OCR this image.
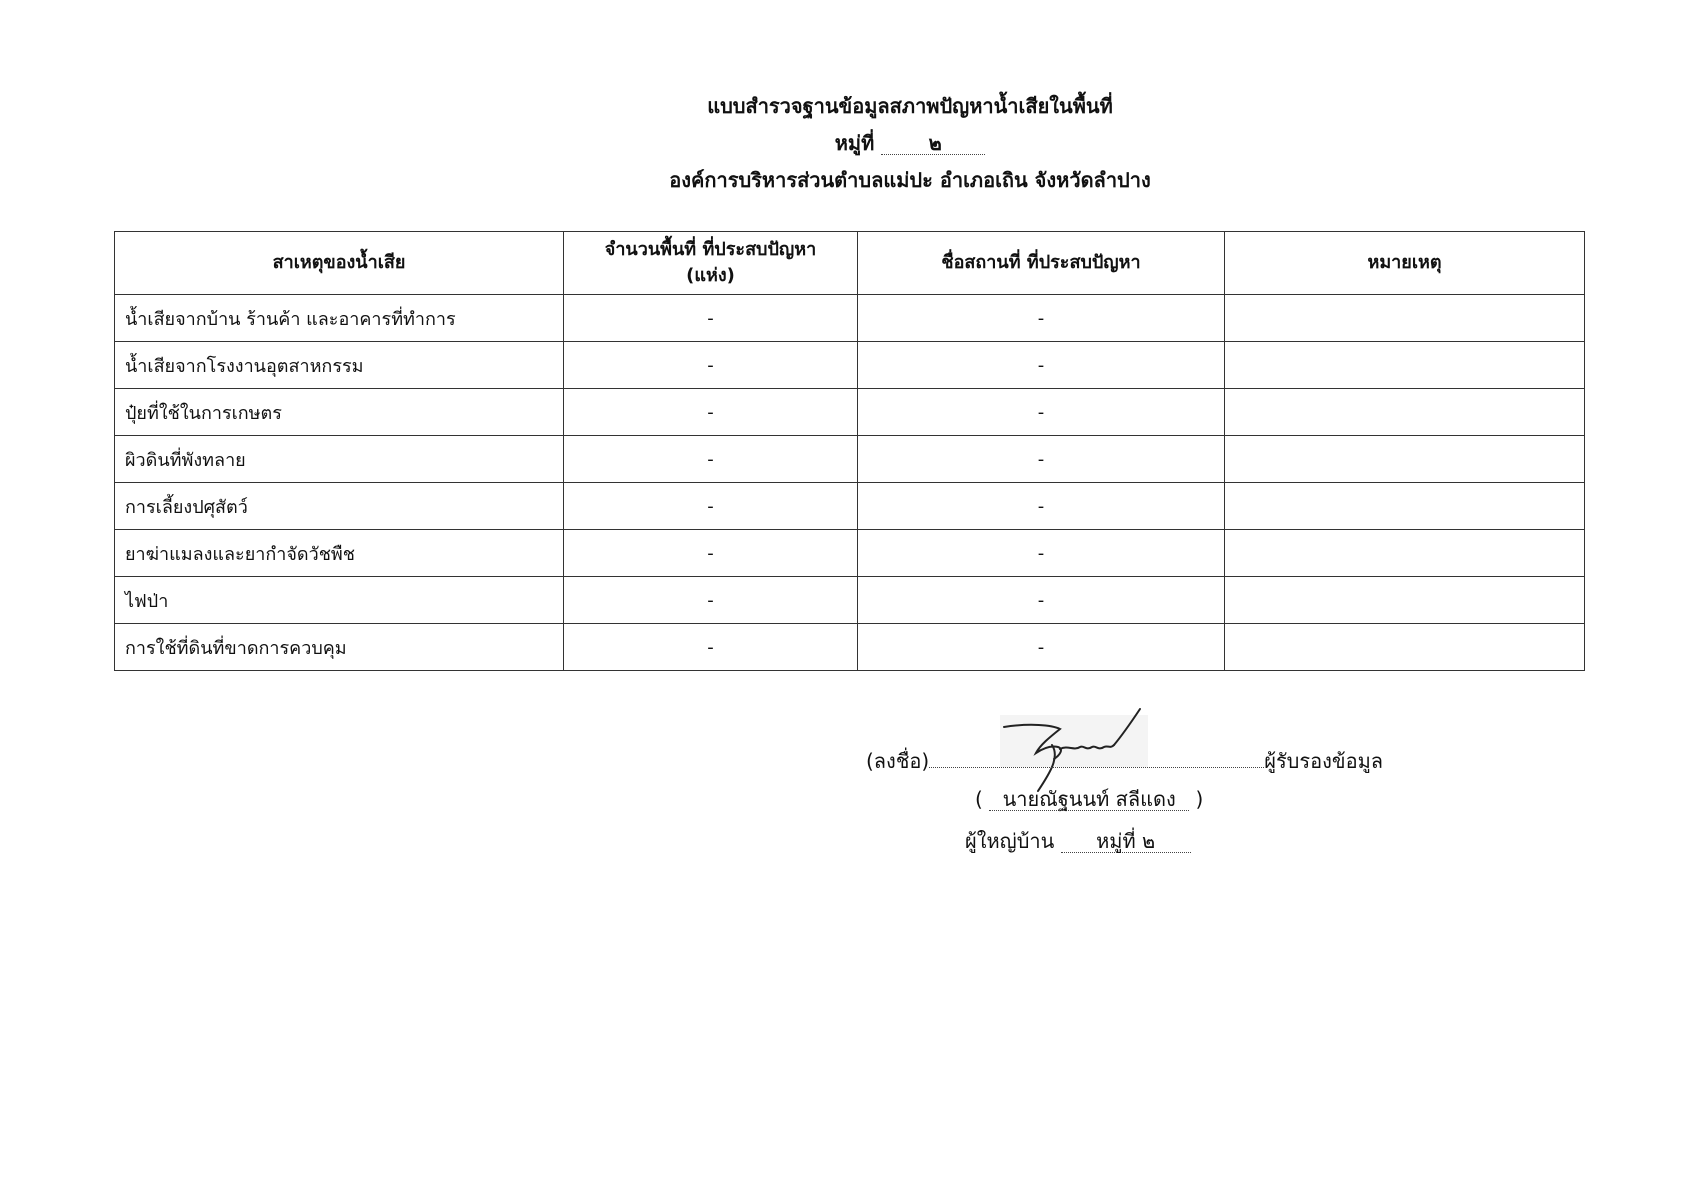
แบบสำรวจฐานข้อมูลสภาพปัญหาน้ำเสียในพื้นที่
หมู่ที่	๒
องค์การบริหารส่วนตำบลแม่ปะ อำเภอเถิน จังหวัดลำปาง
สาเหตุของน้ำเสีย	จำนวนพื้นที่ ที่ประสบปัญหา (แห่ง)	ชื่อสถานที่ ที่ประสบปัญหา	หมายเหตุ
น้ำเสียจากบ้าน ร้านค้า และอาคารที่ทำการ	-	-	
น้ำเสียจากโรงงานอุตสาหกรรม	-	-	
ปุ๋ยที่ใช้ในการเกษตร	-	-	
ผิวดินที่พังทลาย	-	-	
การเลี้ยงปศุสัตว์	-	-	
ยาฆ่าแมลงและยากำจัดวัชพืช	-	-	
ไฟป่า	-	-	
การใช้ที่ดินที่ขาดการควบคุม	-	-	
(ลงชื่อ)	ผู้รับรองข้อมูล
( นายณัฐนนท์ สลีแดง )
ผู้ใหญ่บ้าน หมู่ที่ ๒
